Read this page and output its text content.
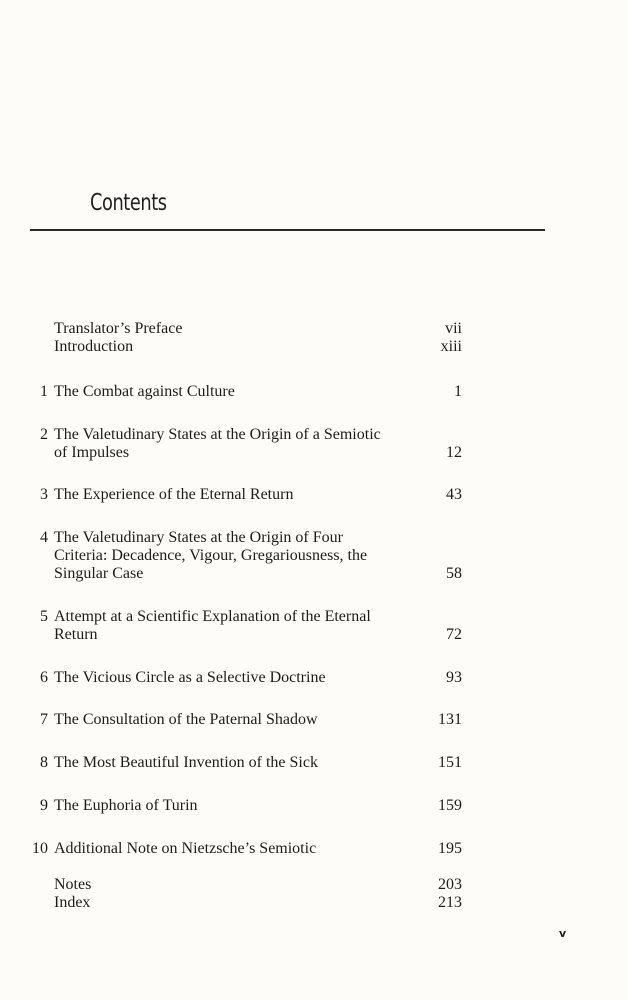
Contents
Translator’s Preface	vii
Introduction	xiii
1 The Combat against Culture	1
2 The Valetudinary States at the Origin of a Semiotic
of Impulses	12
3 The Experience of the Eternal Return	43
4 The Valetudinary States at the Origin of Four
Criteria: Decadence, Vigour, Gregariousness, the
Singular Case	58
5 Attempt at a Scientific Explanation of the Eternal
Return	72
6 The Vicious Circle as a Selective Doctrine	93
7 The Consultation of the Paternal Shadow	131
8 The Most Beautiful Invention of the Sick	151
9 The Euphoria of Turin	159
10 Additional Note on Nietzsche’s Semiotic	195
Notes	203
Index	213
v
